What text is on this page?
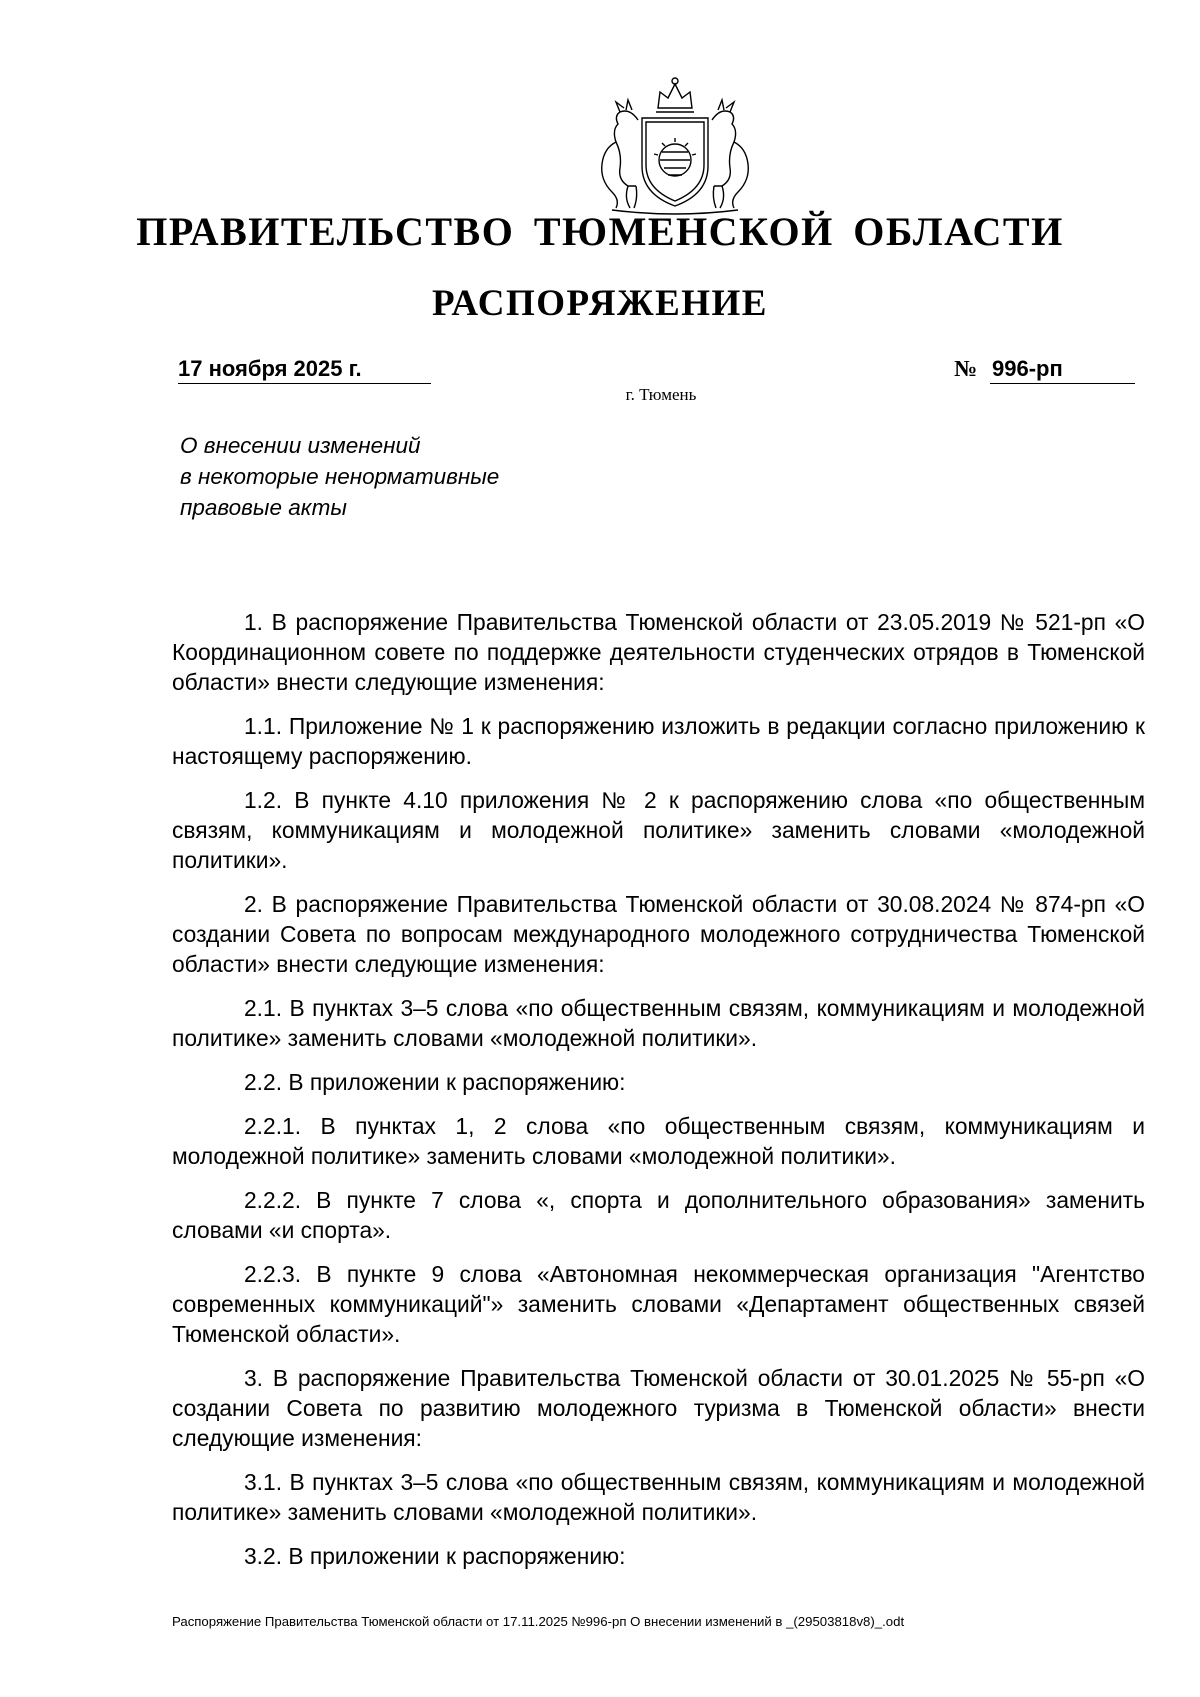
ПРАВИТЕЛЬСТВО ТЮМЕНСКОЙ ОБЛАСТИ
РАСПОРЯЖЕНИЕ
17 ноября 2025 г.	№ 996-рп
г. Тюмень
О внесении изменений
в некоторые ненормативные
правовые акты

1. В распоряжение Правительства Тюменской области от 23.05.2019 № 521-рп «О Координационном совете по поддержке деятельности студенческих отрядов в Тюменской области» внести следующие изменения:

1.1. Приложение № 1 к распоряжению изложить в редакции согласно приложению к настоящему распоряжению.

1.2. В пункте 4.10 приложения № 2 к распоряжению слова «по общественным связям, коммуникациям и молодежной политике» заменить словами «молодежной политики».

2. В распоряжение Правительства Тюменской области от 30.08.2024 № 874-рп «О создании Совета по вопросам международного молодежного сотрудничества Тюменской области» внести следующие изменения:

2.1. В пунктах 3–5 слова «по общественным связям, коммуникациям и молодежной политике» заменить словами «молодежной политики».

2.2. В приложении к распоряжению:

2.2.1. В пунктах 1, 2 слова «по общественным связям, коммуникациям и молодежной политике» заменить словами «молодежной политики».

2.2.2. В пункте 7 слова «, спорта и дополнительного образования» заменить словами «и спорта».

2.2.3. В пункте 9 слова «Автономная некоммерческая организация "Агентство современных коммуникаций"» заменить словами «Департамент общественных связей Тюменской области».

3. В распоряжение Правительства Тюменской области от 30.01.2025 № 55-рп «О создании Совета по развитию молодежного туризма в Тюменской области» внести следующие изменения:

3.1. В пунктах 3–5 слова «по общественным связям, коммуникациям и молодежной политике» заменить словами «молодежной политики».

3.2. В приложении к распоряжению:

Распоряжение Правительства Тюменской области от 17.11.2025 №996-рп О внесении изменений в _(29503818v8)_.odt
